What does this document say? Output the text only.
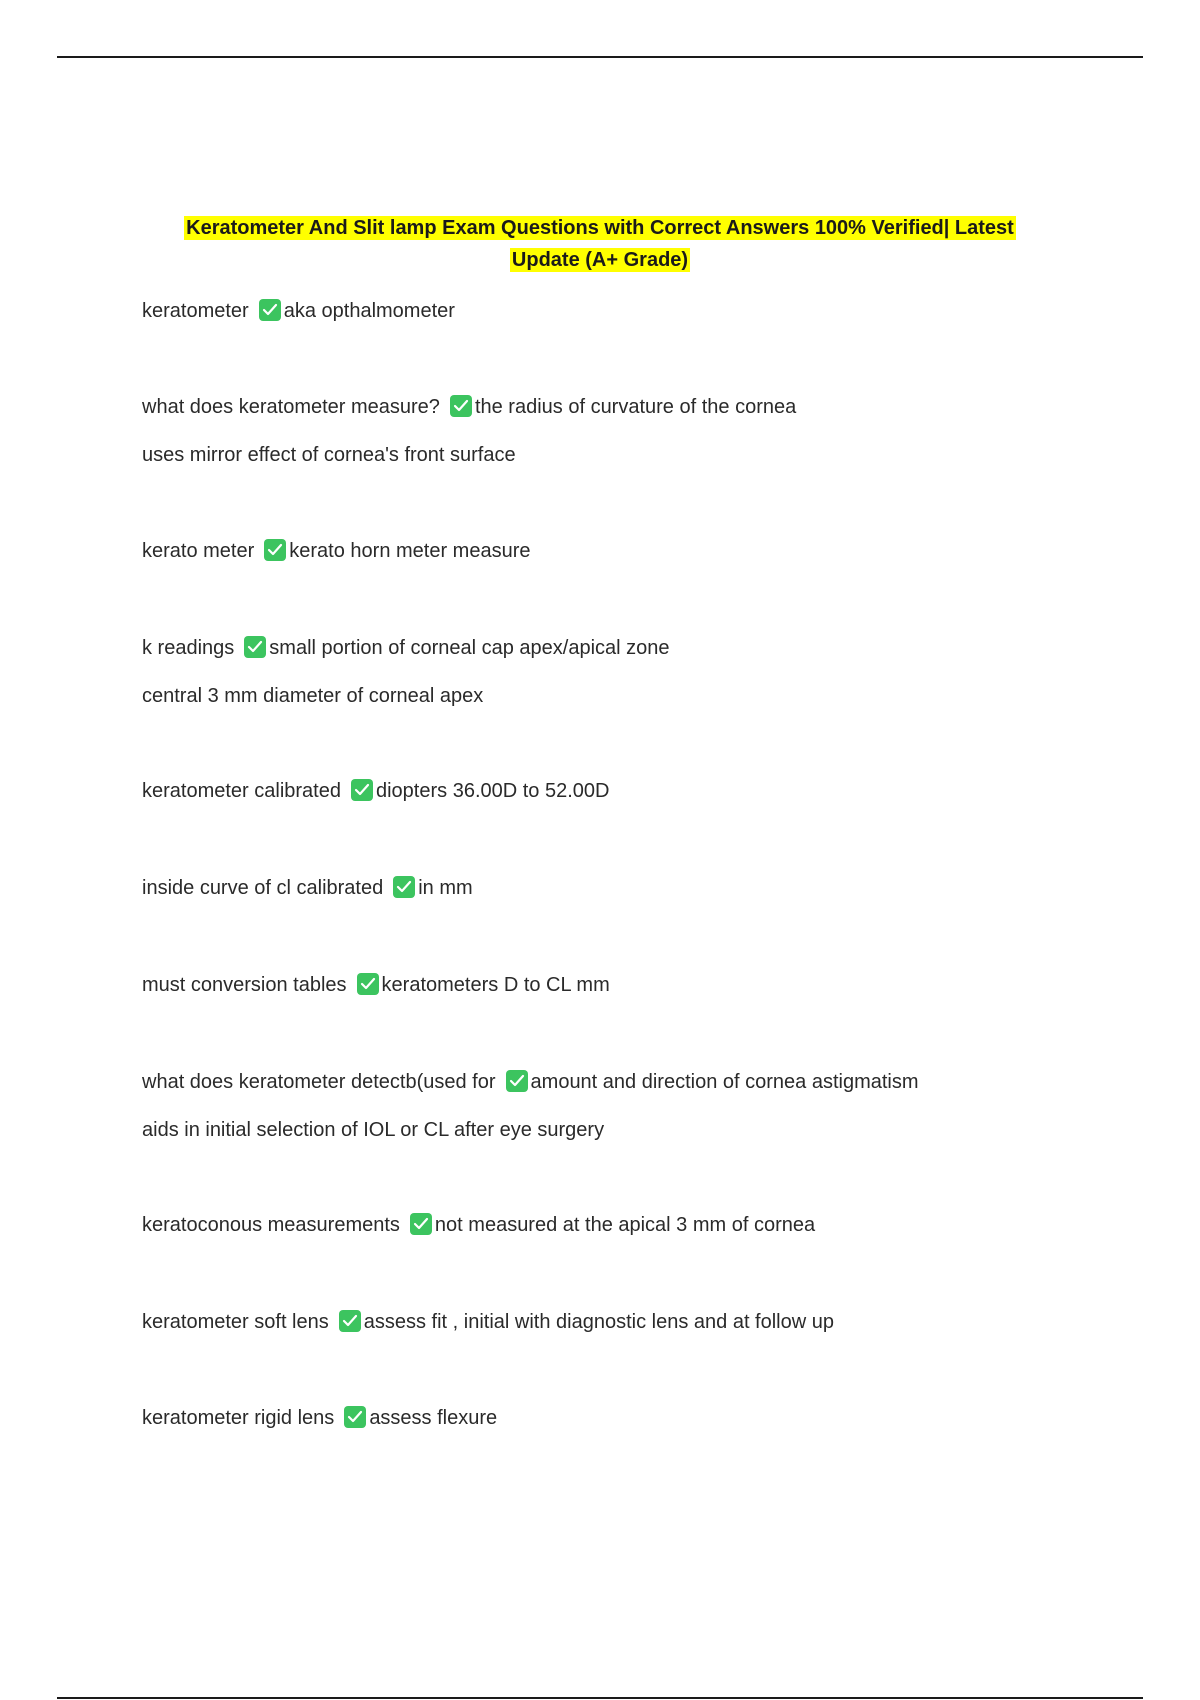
Keratometer And Slit lamp Exam Questions with Correct Answers 100% Verified| Latest
Update (A+ Grade)
keratometer aka opthalmometer
what does keratometer measure? the radius of curvature of the cornea
uses mirror effect of cornea's front surface
kerato meter kerato horn meter measure
k readings small portion of corneal cap apex/apical zone
central 3 mm diameter of corneal apex
keratometer calibrated diopters 36.00D to 52.00D
inside curve of cl calibrated in mm
must conversion tables keratometers D to CL mm
what does keratometer detectb(used for amount and direction of cornea astigmatism
aids in initial selection of IOL or CL after eye surgery
keratoconous measurements not measured at the apical 3 mm of cornea
keratometer soft lens assess fit , initial with diagnostic lens and at follow up
keratometer rigid lens assess flexure
